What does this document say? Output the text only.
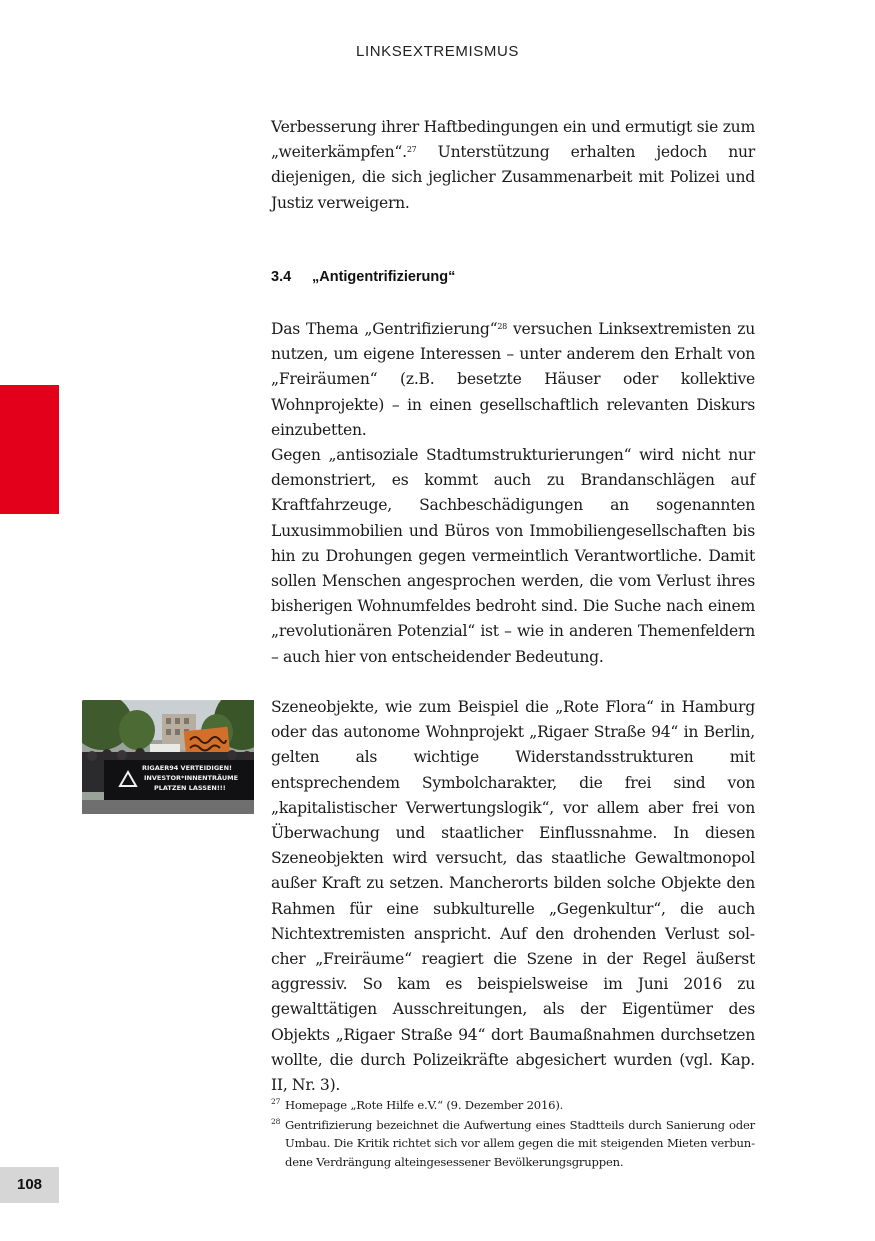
LINKSEXTREMISMUS

Verbesserung ihrer Haftbedingungen ein und ermutigt sie zum „weiterkämpfen“.$^{27}$ Unterstützung erhalten jedoch nur diejenigen, die sich jeglicher Zusammenarbeit mit Polizei und Justiz verweigern.

3.4 „Antigentrifizierung“

Das Thema „Gentrifizierung“$^{28}$ versuchen Linksextremisten zu nutzen, um eigene Interessen – unter anderem den Erhalt von „Freiräumen“ (z.B. besetzte Häuser oder kollektive Wohnprojekte) – in einen gesellschaftlich relevanten Diskurs einzubetten.

Gegen „antisoziale Stadtumstrukturierungen“ wird nicht nur demonstriert, es kommt auch zu Brandanschlägen auf Kraftfahrzeuge, Sachbeschädigungen an sogenannten Luxusimmobilien und Büros von Immobiliengesellschaften bis hin zu Drohungen gegen vermeintlich Verantwortliche. Damit sollen Menschen angesprochen werden, die vom Verlust ihres bisherigen Wohnumfeldes bedroht sind. Die Suche nach einem „revolutionären Potenzial“ ist – wie in anderen Themenfeldern – auch hier von entscheidender Bedeutung.

RIGAER94 VERTEIDIGEN!
INVESTOR*INNENTRÄUME
PLATZEN LASSEN!!!

Szeneobjekte, wie zum Beispiel die „Rote Flora“ in Hamburg oder das autonome Wohnprojekt „Rigaer Straße 94“ in Berlin, gelten als wichtige Widerstandsstrukturen mit entsprechendem Symbolcharakter, die frei sind von „kapitalistischer Verwertungslogik“, vor allem aber frei von Überwachung und staatlicher Einflussnahme. In diesen Szeneobjekten wird versucht, das staatliche Gewaltmonopol außer Kraft zu setzen. Mancherorts bilden solche Objekte den Rahmen für eine subkulturelle „Gegenkultur“, die auch Nichtextremisten anspricht. Auf den drohenden Verlust solcher „Freiräume“ reagiert die Szene in der Regel äußerst aggressiv. So kam es beispielsweise im Juni 2016 zu gewalttätigen Ausschreitungen, als der Eigentümer des Objekts „Rigaer Straße 94“ dort Baumaßnahmen durchsetzen wollte, die durch Polizeikräfte abgesichert wurden (vgl. Kap. II, Nr. 3).

27 Homepage „Rote Hilfe e.V.“ (9. Dezember 2016).
28 Gentrifizierung bezeichnet die Aufwertung eines Stadtteils durch Sanierung oder Umbau. Die Kritik richtet sich vor allem gegen die mit steigenden Mieten verbundene Verdrängung alteingesessener Bevölkerungsgruppen.
108
